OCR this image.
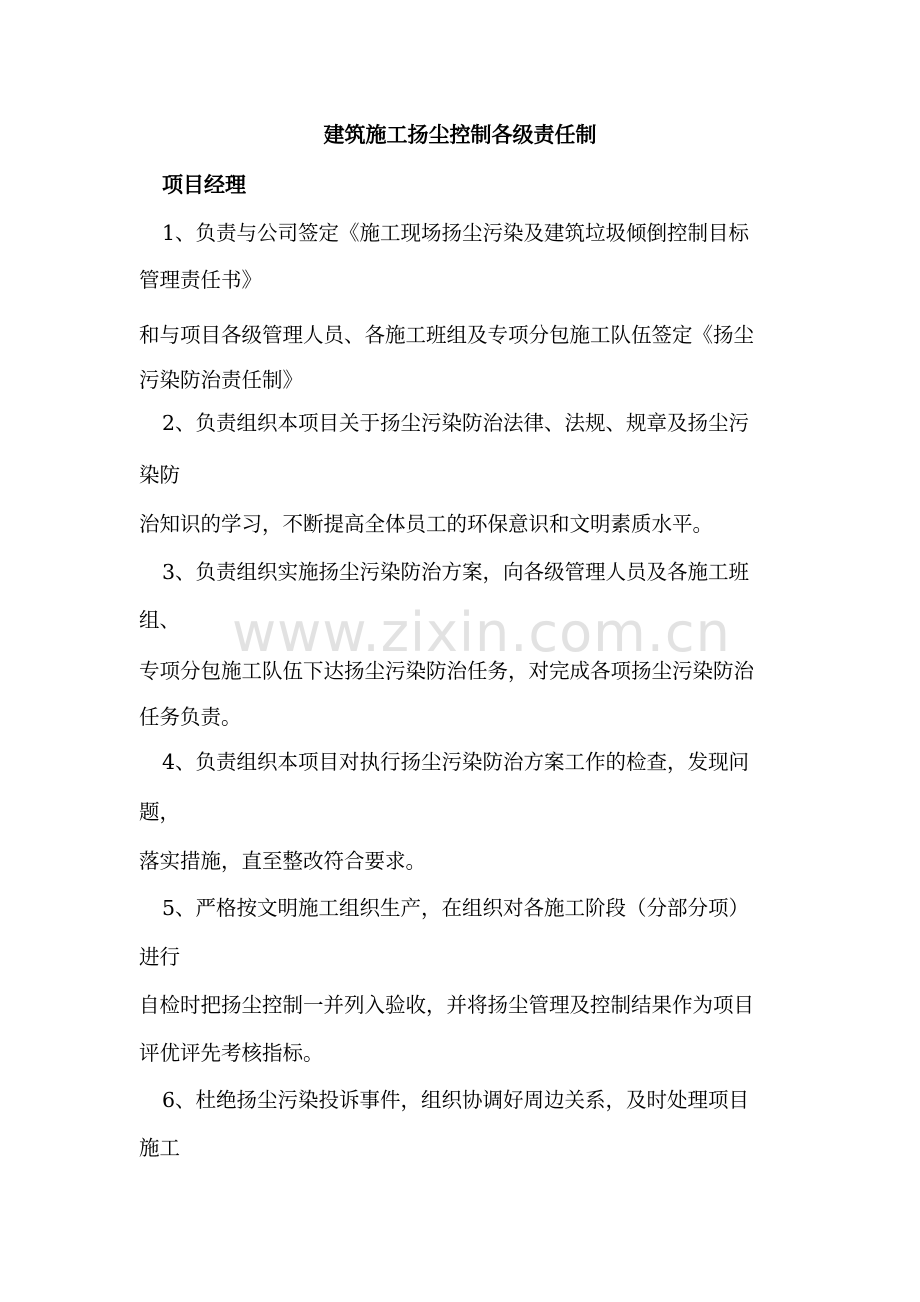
建筑施工扬尘控制各级责任制
项目经理
1、负责与公司签定《施工现场扬尘污染及建筑垃圾倾倒控制目标
管理责任书》
和与项目各级管理人员、各施工班组及专项分包施工队伍签定《扬尘
污染防治责任制》
2、负责组织本项目关于扬尘污染防治法律、法规、规章及扬尘污
染防
治知识的学习，不断提高全体员工的环保意识和文明素质水平。
3、负责组织实施扬尘污染防治方案，向各级管理人员及各施工班
组、
专项分包施工队伍下达扬尘污染防治任务，对完成各项扬尘污染防治
任务负责。
4、负责组织本项目对执行扬尘污染防治方案工作的检查，发现问
题，
落实措施，直至整改符合要求。
5、严格按文明施工组织生产，在组织对各施工阶段（分部分项）
进行
自检时把扬尘控制一并列入验收，并将扬尘管理及控制结果作为项目
评优评先考核指标。
6、杜绝扬尘污染投诉事件，组织协调好周边关系，及时处理项目
施工
www.zixin.com.cn
